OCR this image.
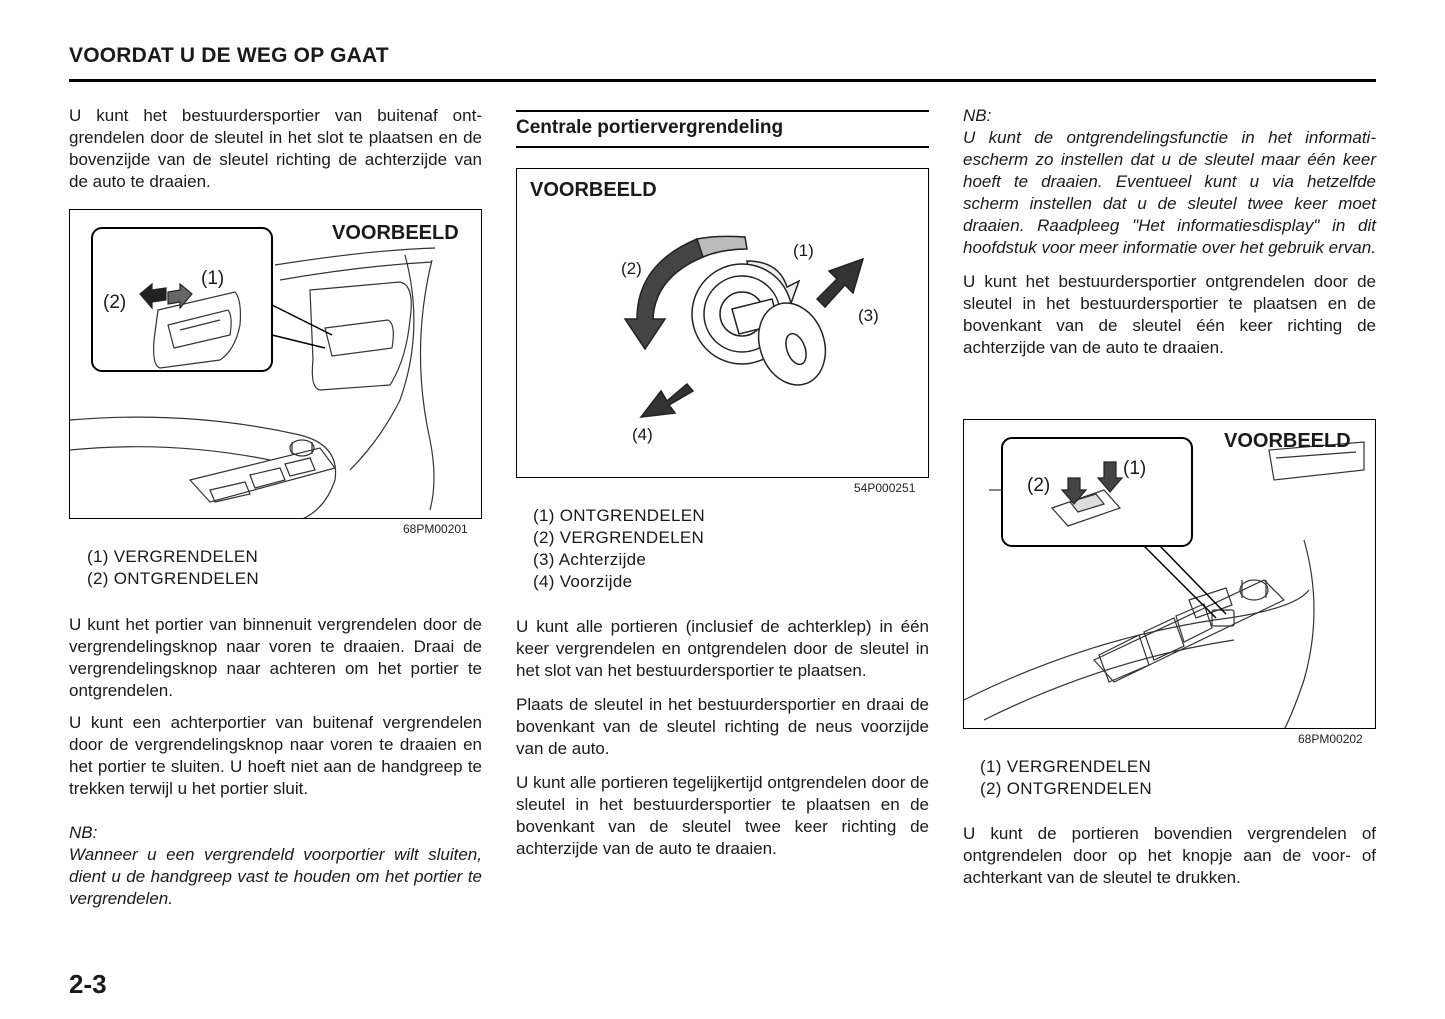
VOORDAT U DE WEG OP GAAT

U kunt het bestuurdersportier van buitenaf ontgrendelen door de sleutel in het slot te plaatsen en de bovenzijde van de sleutel richting de achterzijde van de auto te draaien.

VOORBEELD
(1)
(2)
68PM00201
(1) VERGRENDELEN
(2) ONTGRENDELEN

U kunt het portier van binnenuit vergrendelen door de vergrendelingsknop naar voren te draaien. Draai de vergrendelingsknop naar achteren om het portier te ontgrendelen.

U kunt een achterportier van buitenaf vergrendelen door de vergrendelingsknop naar voren te draaien en het portier te sluiten. U hoeft niet aan de handgreep te trekken terwijl u het portier sluit.

NB:

Wanneer u een vergrendeld voorportier wilt sluiten, dient u de handgreep vast te houden om het portier te vergrendelen.

2-3
Centrale portiervergrendeling
VOORBEELD
(1)
(2)
(3)
(4)
54P000251
(1) ONTGRENDELEN
(2) VERGRENDELEN
(3) Achterzijde
(4) Voorzijde

U kunt alle portieren (inclusief de achterklep) in één keer vergrendelen en ontgrendelen door de sleutel in het slot van het bestuurdersportier te plaatsen.

Plaats de sleutel in het bestuurdersportier en draai de bovenkant van de sleutel richting de neus voorzijde van de auto.

U kunt alle portieren tegelijkertijd ontgrendelen door de sleutel in het bestuurdersportier te plaatsen en de bovenkant van de sleutel twee keer richting de achterzijde van de auto te draaien.

NB:

U kunt de ontgrendelingsfunctie in het informatiescherm zo instellen dat u de sleutel maar één keer hoeft te draaien. Eventueel kunt u via hetzelfde scherm instellen dat u de sleutel twee keer moet draaien. Raadpleeg "Het informatiesdisplay" in dit hoofdstuk voor meer informatie over het gebruik ervan.

U kunt het bestuurdersportier ontgrendelen door de sleutel in het bestuurdersportier te plaatsen en de bovenkant van de sleutel één keer richting de achterzijde van de auto te draaien.

VOORBEELD
(1)
(2)
68PM00202
(1) VERGRENDELEN
(2) ONTGRENDELEN

U kunt de portieren bovendien vergrendelen of ontgrendelen door op het knopje aan de voor- of achterkant van de sleutel te drukken.
